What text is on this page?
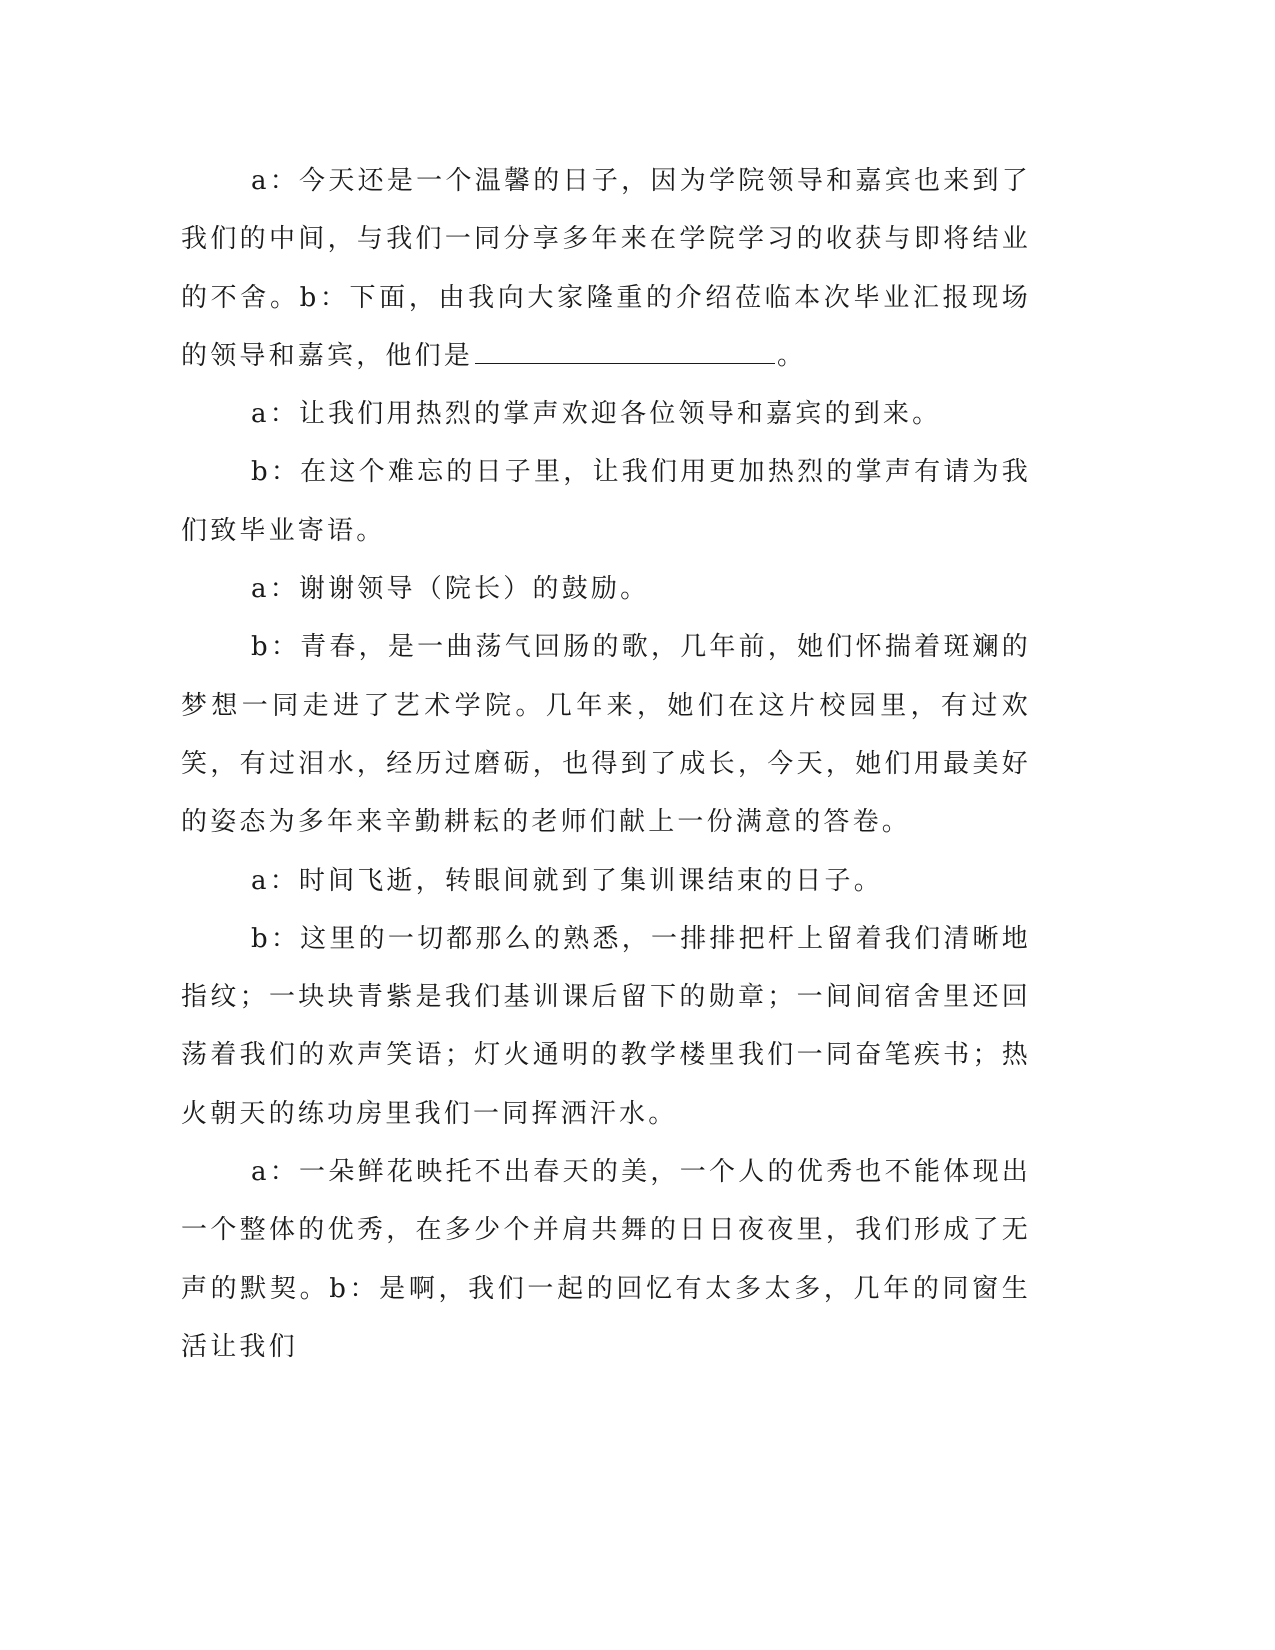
a：今天还是一个温馨的日子，因为学院领导和嘉宾也来到了我们的中间，与我们一同分享多年来在学院学习的收获与即将结业的不舍。b：下面，由我向大家隆重的介绍莅临本次毕业汇报现场的领导和嘉宾，他们是	。

a：让我们用热烈的掌声欢迎各位领导和嘉宾的到来。

b：在这个难忘的日子里，让我们用更加热烈的掌声有请为我们致毕业寄语。

a：谢谢领导（院长）的鼓励。

b：青春，是一曲荡气回肠的歌，几年前，她们怀揣着斑斓的梦想一同走进了艺术学院。几年来，她们在这片校园里，有过欢笑，有过泪水，经历过磨砺，也得到了成长，今天，她们用最美好的姿态为多年来辛勤耕耘的老师们献上一份满意的答卷。

a：时间飞逝，转眼间就到了集训课结束的日子。

b：这里的一切都那么的熟悉，一排排把杆上留着我们清晰地指纹；一块块青紫是我们基训课后留下的勋章；一间间宿舍里还回荡着我们的欢声笑语；灯火通明的教学楼里我们一同奋笔疾书；热火朝天的练功房里我们一同挥洒汗水。

a：一朵鲜花映托不出春天的美，一个人的优秀也不能体现出一个整体的优秀，在多少个并肩共舞的日日夜夜里，我们形成了无声的默契。b：是啊，我们一起的回忆有太多太多，几年的同窗生活让我们
